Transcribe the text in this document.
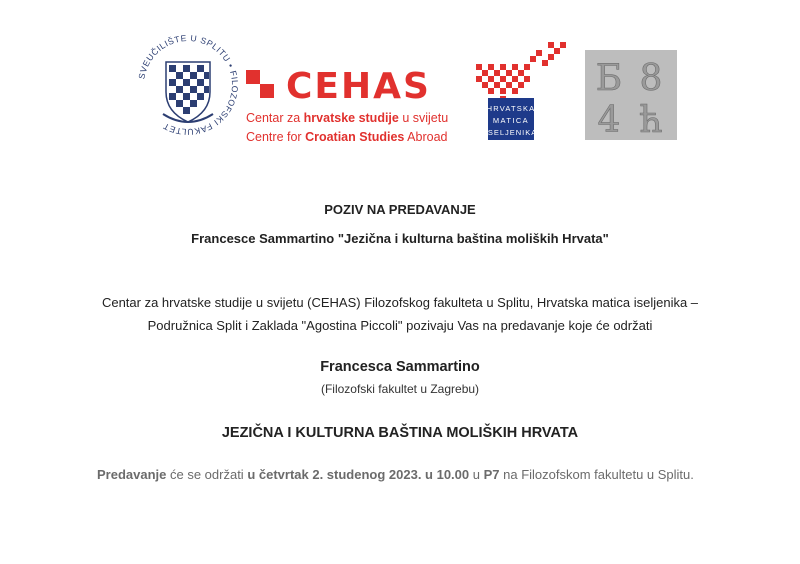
SVEUČILIŠTE U SPLITU • FILOZOFSKI FAKULTET
CEHAS
Centar za hrvatske studije u svijetu
Centre for Croatian Studies Abroad
HRVATSKA
MATICA
ISELJENIKA
Б 8
4 ћ
POZIV NA PREDAVANJE
Francesce Sammartino "Jezična i kulturna baština moliških Hrvata"
Centar za hrvatske studije u svijetu (CEHAS) Filozofskog fakulteta u Splitu, Hrvatska matica iseljenika –
Podružnica Split i Zaklada "Agostina Piccoli" pozivaju Vas na predavanje koje će održati
Francesca Sammartino
(Filozofski fakultet u Zagrebu)
JEZIČNA I KULTURNA BAŠTINA MOLIŠKIH HRVATA
Predavanje će se održati u četvrtak 2. studenog 2023. u 10.00 u P7 na Filozofskom fakultetu u Splitu.
